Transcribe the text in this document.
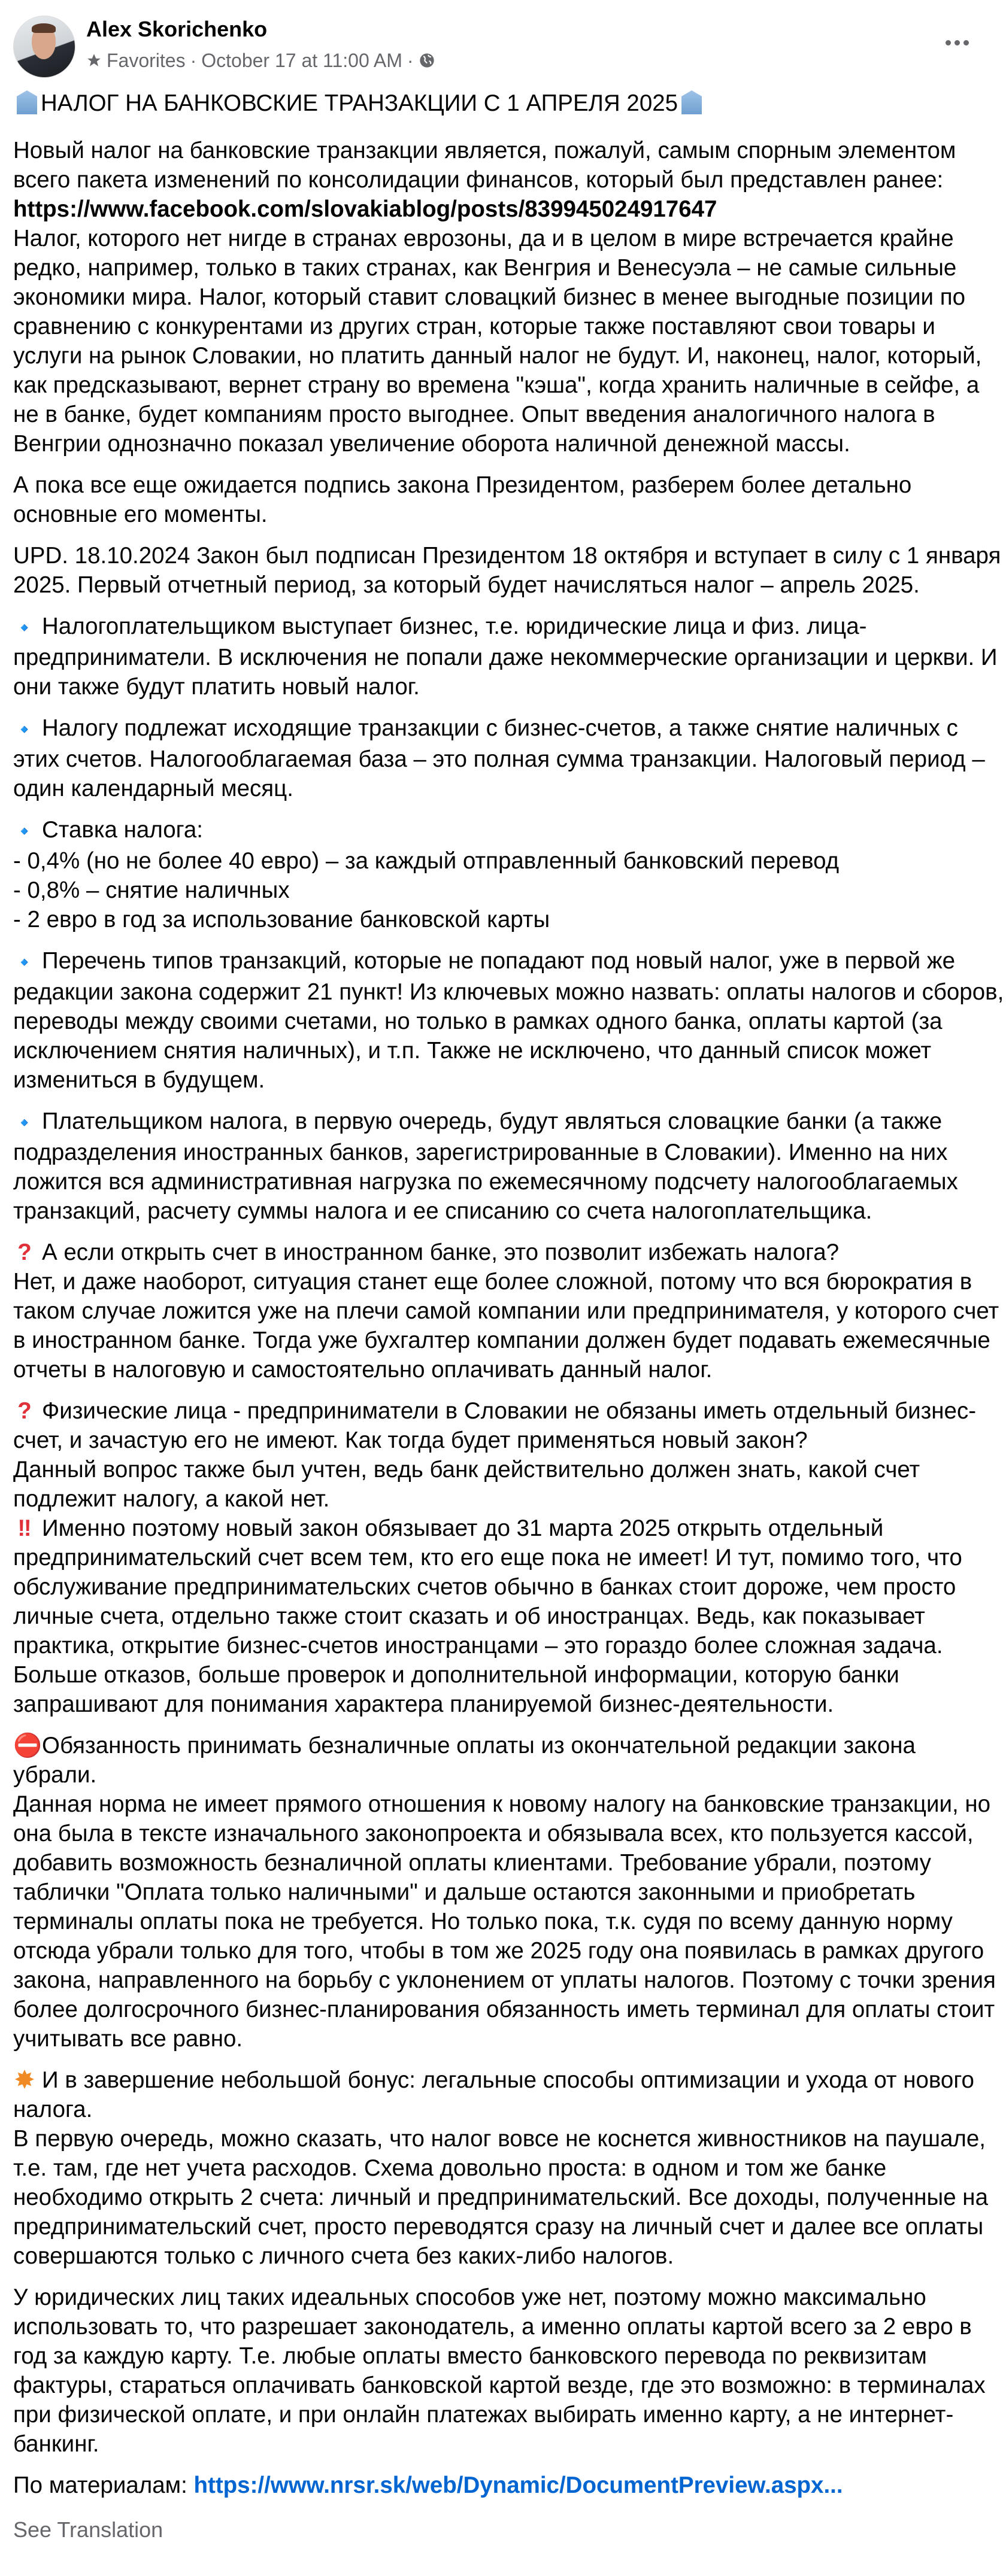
Alex Skorichenko
Favorites · October 17 at 11:00 AM ·
НАЛОГ НА БАНКОВСКИЕ ТРАНЗАКЦИИ С 1 АПРЕЛЯ 2025
Новый налог на банковские транзакции является, пожалуй, самым спорным элементом
всего пакета изменений по консолидации финансов, который был представлен ранее:
https://www.facebook.com/slovakiablog/posts/839945024917647
Налог, которого нет нигде в странах еврозоны, да и в целом в мире встречается крайне
редко, например, только в таких странах, как Венгрия и Венесуэла – не самые сильные
экономики мира. Налог, который ставит словацкий бизнес в менее выгодные позиции по
сравнению с конкурентами из других стран, которые также поставляют свои товары и
услуги на рынок Словакии, но платить данный налог не будут. И, наконец, налог, который,
как предсказывают, вернет страну во времена "кэша", когда хранить наличные в сейфе, а
не в банке, будет компаниям просто выгоднее. Опыт введения аналогичного налога в
Венгрии однозначно показал увеличение оборота наличной денежной массы.
А пока все еще ожидается подпись закона Президентом, разберем более детально
основные его моменты.
UPD. 18.10.2024 Закон был подписан Президентом 18 октября и вступает в силу с 1 января
2025. Первый отчетный период, за который будет начисляться налог – апрель 2025.
🔹 Налогоплательщиком выступает бизнес, т.е. юридические лица и физ. лица-
предприниматели. В исключения не попали даже некоммерческие организации и церкви. И
они также будут платить новый налог.
🔹 Налогу подлежат исходящие транзакции с бизнес-счетов, а также снятие наличных с
этих счетов. Налогооблагаемая база – это полная сумма транзакции. Налоговый период –
один календарный месяц.
🔹 Ставка налога:
- 0,4% (но не более 40 евро) – за каждый отправленный банковский перевод
- 0,8% – снятие наличных
- 2 евро в год за использование банковской карты
🔹 Перечень типов транзакций, которые не попадают под новый налог, уже в первой же
редакции закона содержит 21 пункт! Из ключевых можно назвать: оплаты налогов и сборов,
переводы между своими счетами, но только в рамках одного банка, оплаты картой (за
исключением снятия наличных), и т.п. Также не исключено, что данный список может
измениться в будущем.
🔹 Плательщиком налога, в первую очередь, будут являться словацкие банки (а также
подразделения иностранных банков, зарегистрированные в Словакии). Именно на них
ложится вся административная нагрузка по ежемесячному подсчету налогооблагаемых
транзакций, расчету суммы налога и ее списанию со счета налогоплательщика.
? А если открыть счет в иностранном банке, это позволит избежать налога?
Нет, и даже наоборот, ситуация станет еще более сложной, потому что вся бюрократия в
таком случае ложится уже на плечи самой компании или предпринимателя, у которого счет
в иностранном банке. Тогда уже бухгалтер компании должен будет подавать ежемесячные
отчеты в налоговую и самостоятельно оплачивать данный налог.
? Физические лица - предприниматели в Словакии не обязаны иметь отдельный бизнес-
счет, и зачастую его не имеют. Как тогда будет применяться новый закон?
Данный вопрос также был учтен, ведь банк действительно должен знать, какой счет
подлежит налогу, а какой нет.
‼ Именно поэтому новый закон обязывает до 31 марта 2025 открыть отдельный
предпринимательский счет всем тем, кто его еще пока не имеет! И тут, помимо того, что
обслуживание предпринимательских счетов обычно в банках стоит дороже, чем просто
личные счета, отдельно также стоит сказать и об иностранцах. Ведь, как показывает
практика, открытие бизнес-счетов иностранцами – это гораздо более сложная задача.
Больше отказов, больше проверок и дополнительной информации, которую банки
запрашивают для понимания характера планируемой бизнес-деятельности.
⛔Обязанность принимать безналичные оплаты из окончательной редакции закона
убрали.
Данная норма не имеет прямого отношения к новому налогу на банковские транзакции, но
она была в тексте изначального законопроекта и обязывала всех, кто пользуется кассой,
добавить возможность безналичной оплаты клиентами. Требование убрали, поэтому
таблички "Оплата только наличными" и дальше остаются законными и приобретать
терминалы оплаты пока не требуется. Но только пока, т.к. судя по всему данную норму
отсюда убрали только для того, чтобы в том же 2025 году она появилась в рамках другого
закона, направленного на борьбу с уклонением от уплаты налогов. Поэтому с точки зрения
более долгосрочного бизнес-планирования обязанность иметь терминал для оплаты стоит
учитывать все равно.
✸ И в завершение небольшой бонус: легальные способы оптимизации и ухода от нового
налога.
В первую очередь, можно сказать, что налог вовсе не коснется живностников на паушале,
т.е. там, где нет учета расходов. Схема довольно проста: в одном и том же банке
необходимо открыть 2 счета: личный и предпринимательский. Все доходы, полученные на
предпринимательский счет, просто переводятся сразу на личный счет и далее все оплаты
совершаются только с личного счета без каких-либо налогов.
У юридических лиц таких идеальных способов уже нет, поэтому можно максимально
использовать то, что разрешает законодатель, а именно оплаты картой всего за 2 евро в
год за каждую карту. Т.е. любые оплаты вместо банковского перевода по реквизитам
фактуры, стараться оплачивать банковской картой везде, где это возможно: в терминалах
при физической оплате, и при онлайн платежах выбирать именно карту, а не интернет-
банкинг.
По материалам: https://www.nrsr.sk/web/Dynamic/DocumentPreview.aspx...
See Translation
